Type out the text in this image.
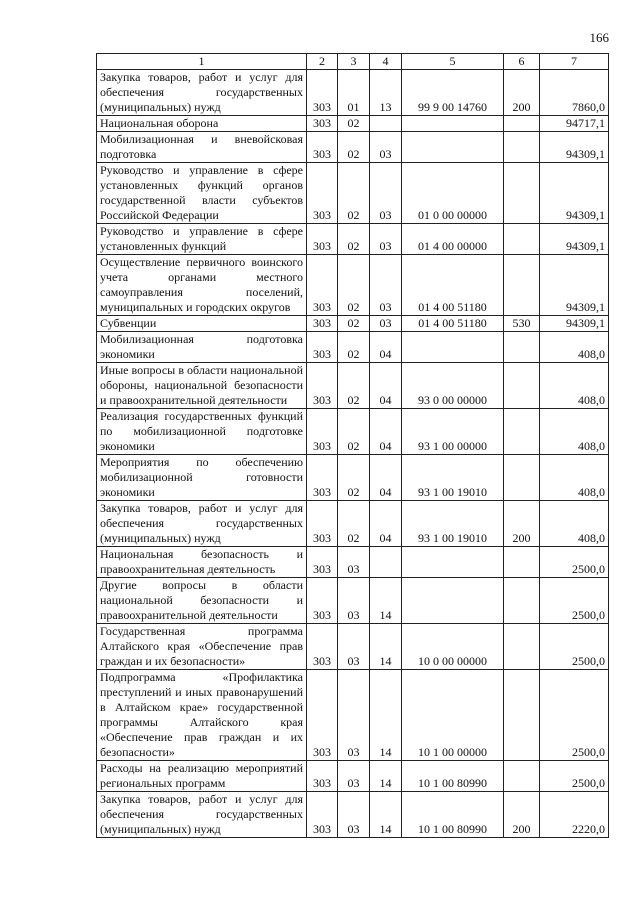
166
1	2	3	4	5	6	7
Закупка товаров, работ и услуг для обеспечения государственных (муниципальных) нужд	303	01	13	99 9 00 14760	200	7860,0
Национальная оборона	303	02				94717,1
Мобилизационная и вневойсковая подготовка	303	02	03			94309,1
Руководство и управление в сфере установленных функций органов государственной власти субъектов Российской Федерации	303	02	03	01 0 00 00000		94309,1
Руководство и управление в сфере установленных функций	303	02	03	01 4 00 00000		94309,1
Осуществление первичного воинского учета органами местного самоуправления поселений, муниципальных и городских округов	303	02	03	01 4 00 51180		94309,1
Субвенции	303	02	03	01 4 00 51180	530	94309,1
Мобилизационная подготовка экономики	303	02	04			408,0
Иные вопросы в области национальной обороны, национальной безопасности и правоохранительной деятельности	303	02	04	93 0 00 00000		408,0
Реализация государственных функций по мобилизационной подготовке экономики	303	02	04	93 1 00 00000		408,0
Мероприятия по обеспечению мобилизационной готовности экономики	303	02	04	93 1 00 19010		408,0
Закупка товаров, работ и услуг для обеспечения государственных (муниципальных) нужд	303	02	04	93 1 00 19010	200	408,0
Национальная безопасность и правоохранительная деятельность	303	03				2500,0
Другие вопросы в области национальной безопасности и правоохранительной деятельности	303	03	14			2500,0
Государственная программа Алтайского края «Обеспечение прав граждан и их безопасности»	303	03	14	10 0 00 00000		2500,0
Подпрограмма «Профилактика преступлений и иных правонарушений в Алтайском крае» государственной программы Алтайского края «Обеспечение прав граждан и их безопасности»	303	03	14	10 1 00 00000		2500,0
Расходы на реализацию мероприятий региональных программ	303	03	14	10 1 00 80990		2500,0
Закупка товаров, работ и услуг для обеспечения государственных (муниципальных) нужд	303	03	14	10 1 00 80990	200	2220,0
